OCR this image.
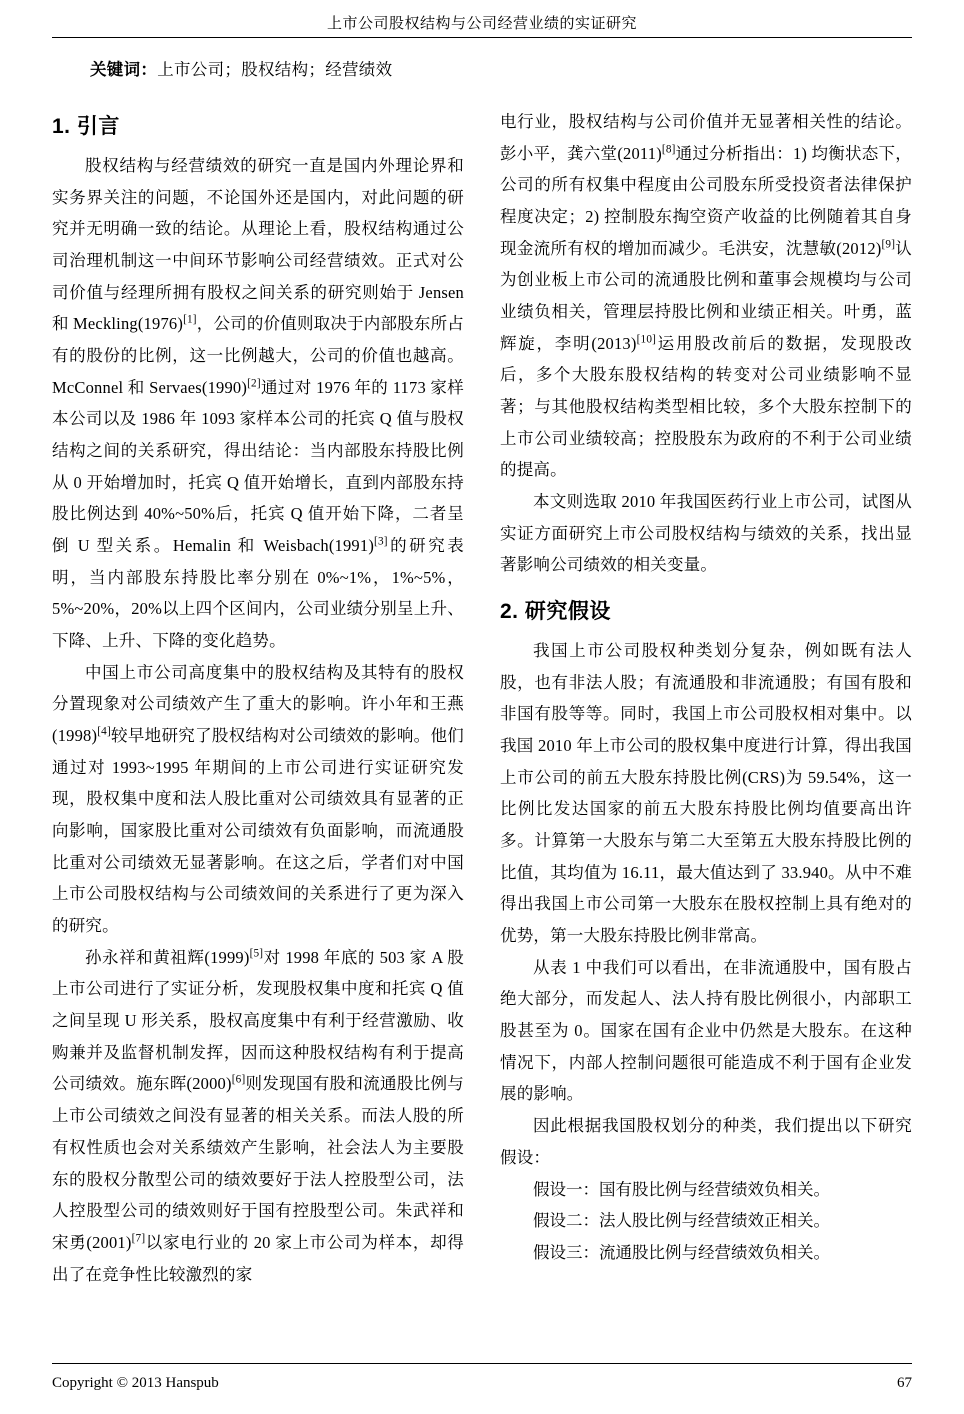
上市公司股权结构与公司经营业绩的实证研究
关键词：上市公司；股权结构；经营绩效
1. 引言

股权结构与经营绩效的研究一直是国内外理论界和实务界关注的问题，不论国外还是国内，对此问题的研究并无明确一致的结论。从理论上看，股权结构通过公司治理机制这一中间环节影响公司经营绩效。正式对公司价值与经理所拥有股权之间关系的研究则始于 Jensen 和 Meckling(1976)[1]，公司的价值则取决于内部股东所占有的股份的比例，这一比例越大，公司的价值也越高。McConnel 和 Servaes(1990)[2]通过对 1976 年的 1173 家样本公司以及 1986 年 1093 家样本公司的托宾 Q 值与股权结构之间的关系研究，得出结论：当内部股东持股比例从 0 开始增加时，托宾 Q 值开始增长，直到内部股东持股比例达到 40%~50%后，托宾 Q 值开始下降，二者呈倒 U 型关系。Hemalin 和 Weisbach(1991)[3]的研究表明，当内部股东持股比率分别在 0%~1%，1%~5%，5%~20%，20%以上四个区间内，公司业绩分别呈上升、下降、上升、下降的变化趋势。

中国上市公司高度集中的股权结构及其特有的股权分置现象对公司绩效产生了重大的影响。许小年和王燕(1998)[4]较早地研究了股权结构对公司绩效的影响。他们通过对 1993~1995 年期间的上市公司进行实证研究发现，股权集中度和法人股比重对公司绩效具有显著的正向影响，国家股比重对公司绩效有负面影响，而流通股比重对公司绩效无显著影响。在这之后，学者们对中国上市公司股权结构与公司绩效间的关系进行了更为深入的研究。

孙永祥和黄祖辉(1999)[5]对 1998 年底的 503 家 A 股上市公司进行了实证分析，发现股权集中度和托宾 Q 值之间呈现 U 形关系，股权高度集中有利于经营激励、收购兼并及监督机制发挥，因而这种股权结构有利于提高公司绩效。施东晖(2000)[6]则发现国有股和流通股比例与上市公司绩效之间没有显著的相关关系。而法人股的所有权性质也会对关系绩效产生影响，社会法人为主要股东的股权分散型公司的绩效要好于法人控股型公司，法人控股型公司的绩效则好于国有控股型公司。朱武祥和宋勇(2001)[7]以家电行业的 20 家上市公司为样本，却得出了在竞争性比较激烈的家

电行业，股权结构与公司价值并无显著相关性的结论。彭小平，龚六堂(2011)[8]通过分析指出：1) 均衡状态下，公司的所有权集中程度由公司股东所受投资者法律保护程度决定；2) 控制股东掏空资产收益的比例随着其自身现金流所有权的增加而减少。毛洪安，沈慧敏(2012)[9]认为创业板上市公司的流通股比例和董事会规模均与公司业绩负相关，管理层持股比例和业绩正相关。叶勇，蓝辉旋，李明(2013)[10]运用股改前后的数据，发现股改后，多个大股东股权结构的转变对公司业绩影响不显著；与其他股权结构类型相比较，多个大股东控制下的上市公司业绩较高；控股股东为政府的不利于公司业绩的提高。

本文则选取 2010 年我国医药行业上市公司，试图从实证方面研究上市公司股权结构与绩效的关系，找出显著影响公司绩效的相关变量。

2. 研究假设

我国上市公司股权种类划分复杂，例如既有法人股，也有非法人股；有流通股和非流通股；有国有股和非国有股等等。同时，我国上市公司股权相对集中。以我国 2010 年上市公司的股权集中度进行计算，得出我国上市公司的前五大股东持股比例(CRS)为 59.54%，这一比例比发达国家的前五大股东持股比例均值要高出许多。计算第一大股东与第二大至第五大股东持股比例的比值，其均值为 16.11，最大值达到了 33.940。从中不难得出我国上市公司第一大股东在股权控制上具有绝对的优势，第一大股东持股比例非常高。

从表 1 中我们可以看出，在非流通股中，国有股占绝大部分，而发起人、法人持有股比例很小，内部职工股甚至为 0。国家在国有企业中仍然是大股东。在这种情况下，内部人控制问题很可能造成不利于国有企业发展的影响。

因此根据我国股权划分的种类，我们提出以下研究假设：

假设一：国有股比例与经营绩效负相关。

假设二：法人股比例与经营绩效正相关。

假设三：流通股比例与经营绩效负相关。

Copyright © 2013 Hanspub	67
